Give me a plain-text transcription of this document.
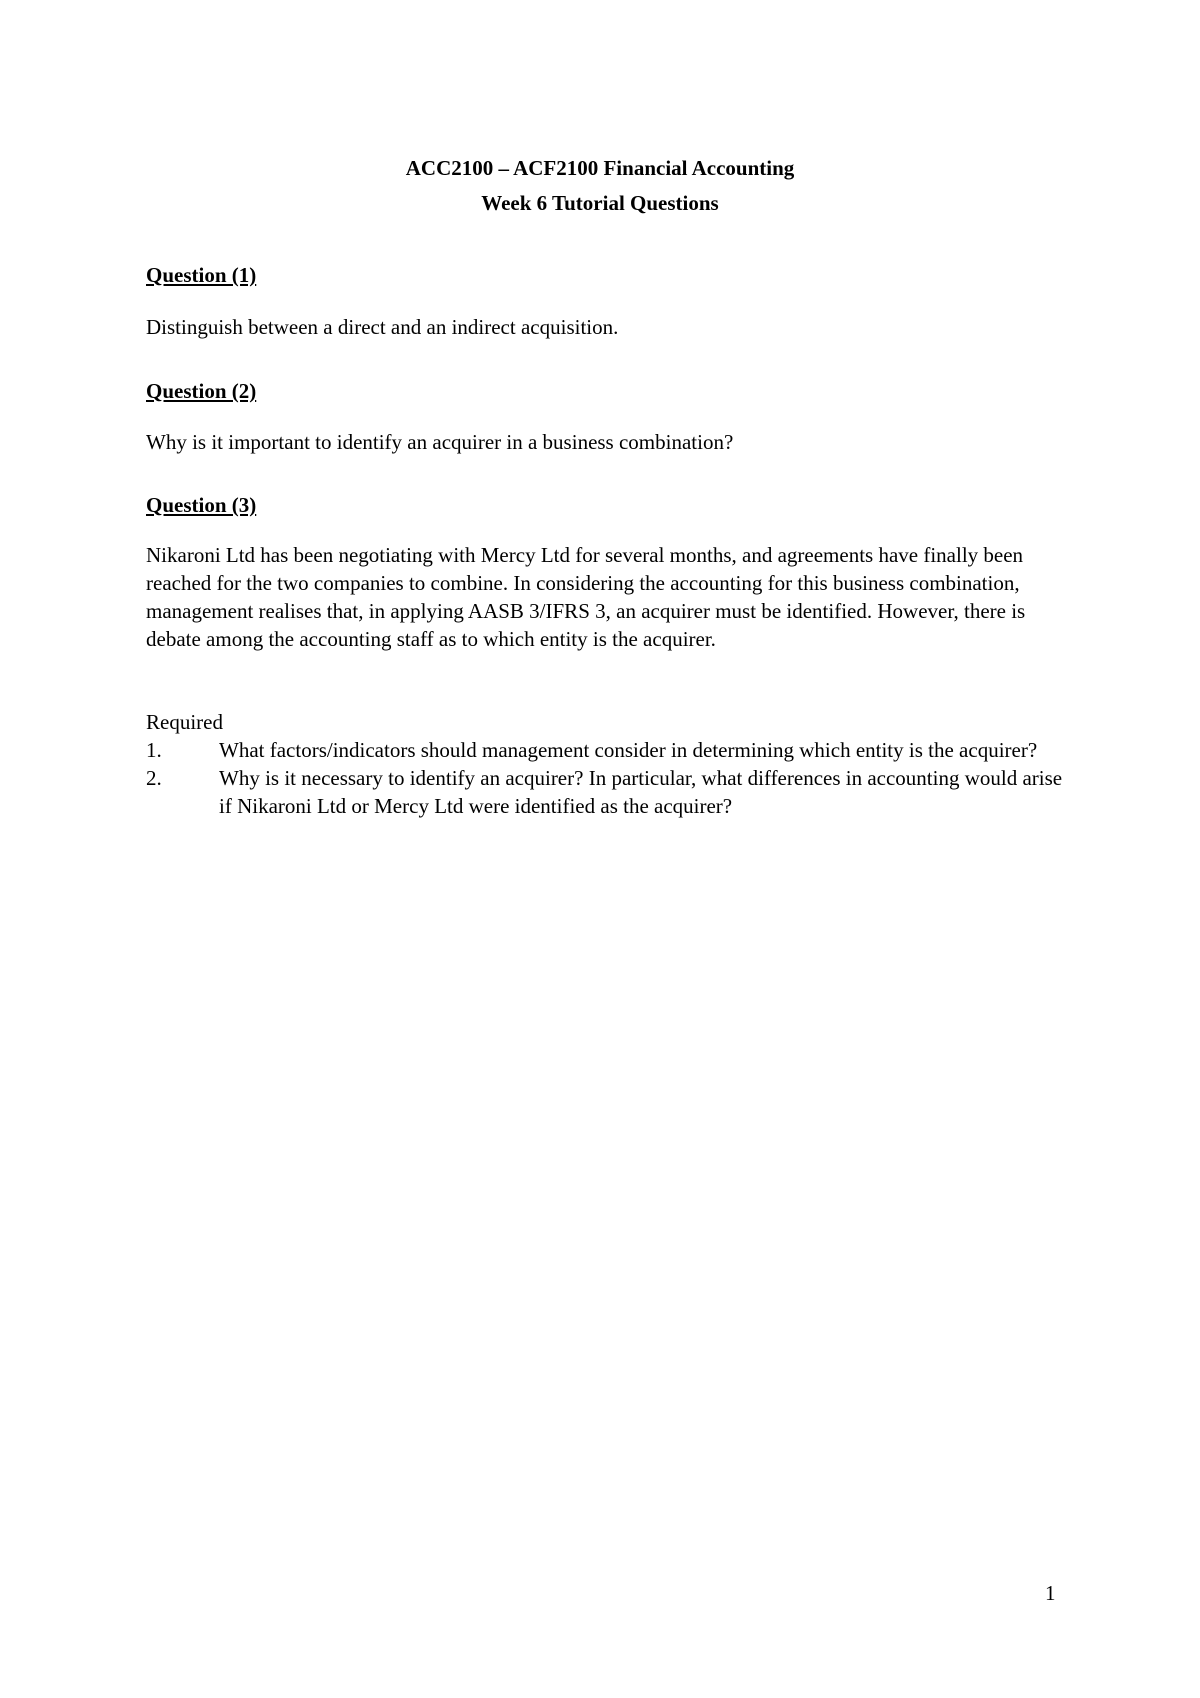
ACC2100 – ACF2100 Financial Accounting
Week 6 Tutorial Questions
Question (1)
Distinguish between a direct and an indirect acquisition.
Question (2)
Why is it important to identify an acquirer in a business combination?
Question (3)
Nikaroni Ltd has been negotiating with Mercy Ltd for several months, and agreements have finally been reached for the two companies to combine. In considering the accounting for this business combination, management realises that, in applying AASB 3/IFRS 3, an acquirer must be identified. However, there is debate among the accounting staff as to which entity is the acquirer.
Required
1.	What factors/indicators should management consider in determining which entity is the acquirer?
2.	Why is it necessary to identify an acquirer? In particular, what differences in accounting would arise if Nikaroni Ltd or Mercy Ltd were identified as the acquirer?
1
